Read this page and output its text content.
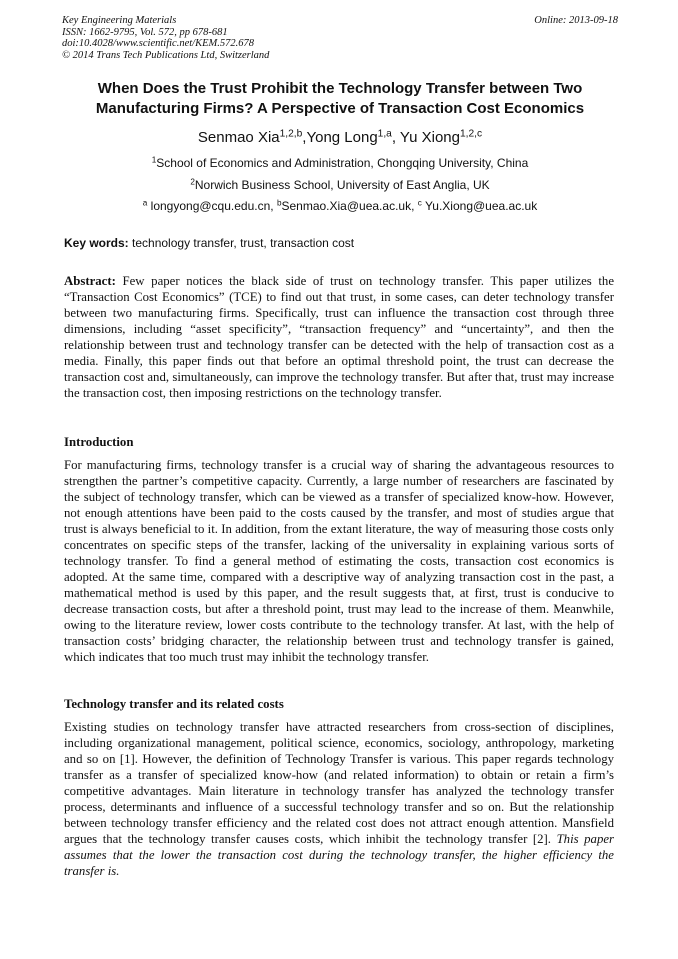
Key Engineering Materials
ISSN: 1662-9795, Vol. 572, pp 678-681
doi:10.4028/www.scientific.net/KEM.572.678
© 2014 Trans Tech Publications Ltd, Switzerland
Online: 2013-09-18
When Does the Trust Prohibit the Technology Transfer between Two
Manufacturing Firms? A Perspective of Transaction Cost Economics
Senmao Xia$^{1,2,b}$,Yong Long$^{1,a}$, Yu Xiong$^{1,2,c}$
$^1$School of Economics and Administration, Chongqing University, China
$^2$Norwich Business School, University of East Anglia, UK
$^a$ longyong@cqu.edu.cn, $^b$Senmao.Xia@uea.ac.uk, $^c$ Yu.Xiong@uea.ac.uk
Key words: technology transfer, trust, transaction cost
Abstract: Few paper notices the black side of trust on technology transfer. This paper utilizes the “Transaction Cost Economics” (TCE) to find out that trust, in some cases, can deter technology transfer between two manufacturing firms. Specifically, trust can influence the transaction cost through three dimensions, including “asset specificity”, “transaction frequency” and “uncertainty”, and then the relationship between trust and technology transfer can be detected with the help of transaction cost as a media. Finally, this paper finds out that before an optimal threshold point, the trust can decrease the transaction cost and, simultaneously, can improve the technology transfer. But after that, trust may increase the transaction cost, then imposing restrictions on the technology transfer.
Introduction
For manufacturing firms, technology transfer is a crucial way of sharing the advantageous resources to strengthen the partner’s competitive capacity. Currently, a large number of researchers are fascinated by the subject of technology transfer, which can be viewed as a transfer of specialized know-how. However, not enough attentions have been paid to the costs caused by the transfer, and most of studies argue that trust is always beneficial to it. In addition, from the extant literature, the way of measuring those costs only concentrates on specific steps of the transfer, lacking of the universality in explaining various sorts of technology transfer. To find a general method of estimating the costs, transaction cost economics is adopted. At the same time, compared with a descriptive way of analyzing transaction cost in the past, a mathematical method is used by this paper, and the result suggests that, at first, trust is conducive to decrease transaction costs, but after a threshold point, trust may lead to the increase of them. Meanwhile, owing to the literature review, lower costs contribute to the technology transfer. At last, with the help of transaction costs’ bridging character, the relationship between trust and technology transfer is gained, which indicates that too much trust may inhibit the technology transfer.
Technology transfer and its related costs
Existing studies on technology transfer have attracted researchers from cross-section of disciplines, including organizational management, political science, economics, sociology, anthropology, marketing and so on [1]. However, the definition of Technology Transfer is various. This paper regards technology transfer as a transfer of specialized know-how (and related information) to obtain or retain a firm’s competitive advantages. Main literature in technology transfer has analyzed the technology transfer process, determinants and influence of a successful technology transfer and so on. But the relationship between technology transfer efficiency and the related cost does not attract enough attention. Mansfield argues that the technology transfer causes costs, which inhibit the technology transfer [2]. This paper assumes that the lower the transaction cost during the technology transfer, the higher efficiency the transfer is.
